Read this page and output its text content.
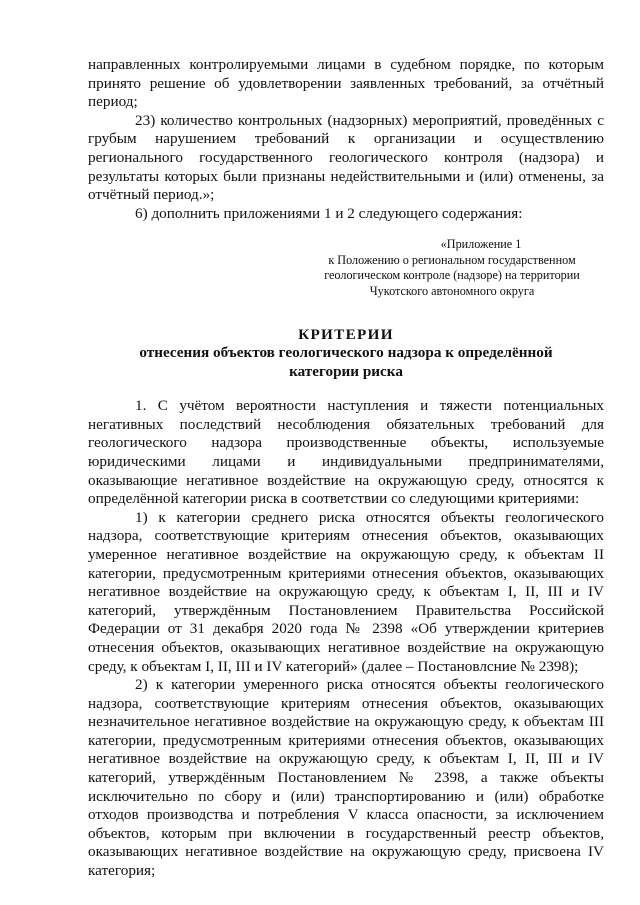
направленных контролируемыми лицами в судебном порядке, по которым принято решение об удовлетворении заявленных требований, за отчётный период;

23) количество контрольных (надзорных) мероприятий, проведённых с грубым нарушением требований к организации и осуществлению регионального государственного геологического контроля (надзора) и результаты которых были признаны недействительными и (или) отменены, за отчётный период.»;

6) дополнить приложениями 1 и 2 следующего содержания:

«Приложение 1
к Положению о региональном государственном
геологическом контроле (надзоре) на территории
Чукотского автономного округа
КРИТЕРИИ
отнесения объектов геологического надзора к определённой
категории риска

1. С учётом вероятности наступления и тяжести потенциальных негативных последствий несоблюдения обязательных требований для геологического надзора производственные объекты, используемые юридическими лицами и индивидуальными предпринимателями, оказывающие негативное воздействие на окружающую среду, относятся к определённой категории риска в соответствии со следующими критериями:

1) к категории среднего риска относятся объекты геологического надзора, соответствующие критериям отнесения объектов, оказывающих умеренное негативное воздействие на окружающую среду, к объектам II категории, предусмотренным критериями отнесения объектов, оказывающих негативное воздействие на окружающую среду, к объектам I, II, III и IV категорий, утверждённым Постановлением Правительства Российской Федерации от 31 декабря 2020 года № 2398 «Об утверждении критериев отнесения объектов, оказывающих негативное воздействие на окружающую среду, к объектам I, II, III и IV категорий» (далее – Постановлсние № 2398);

2) к категории умеренного риска относятся объекты геологического надзора, соответствующие критериям отнесения объектов, оказывающих незначительное негативное воздействие на окружающую среду, к объектам III категории, предусмотренным критериями отнесения объектов, оказывающих негативное воздействие на окружающую среду, к объектам I, II, III и IV категорий, утверждённым Постановлением № 2398, а также объекты исключительно по сбору и (или) транспортированию и (или) обработке отходов производства и потребления V класса опасности, за исключением объектов, которым при включении в государственный реестр объектов, оказывающих негативное воздействие на окружающую среду, присвоена IV категория;
